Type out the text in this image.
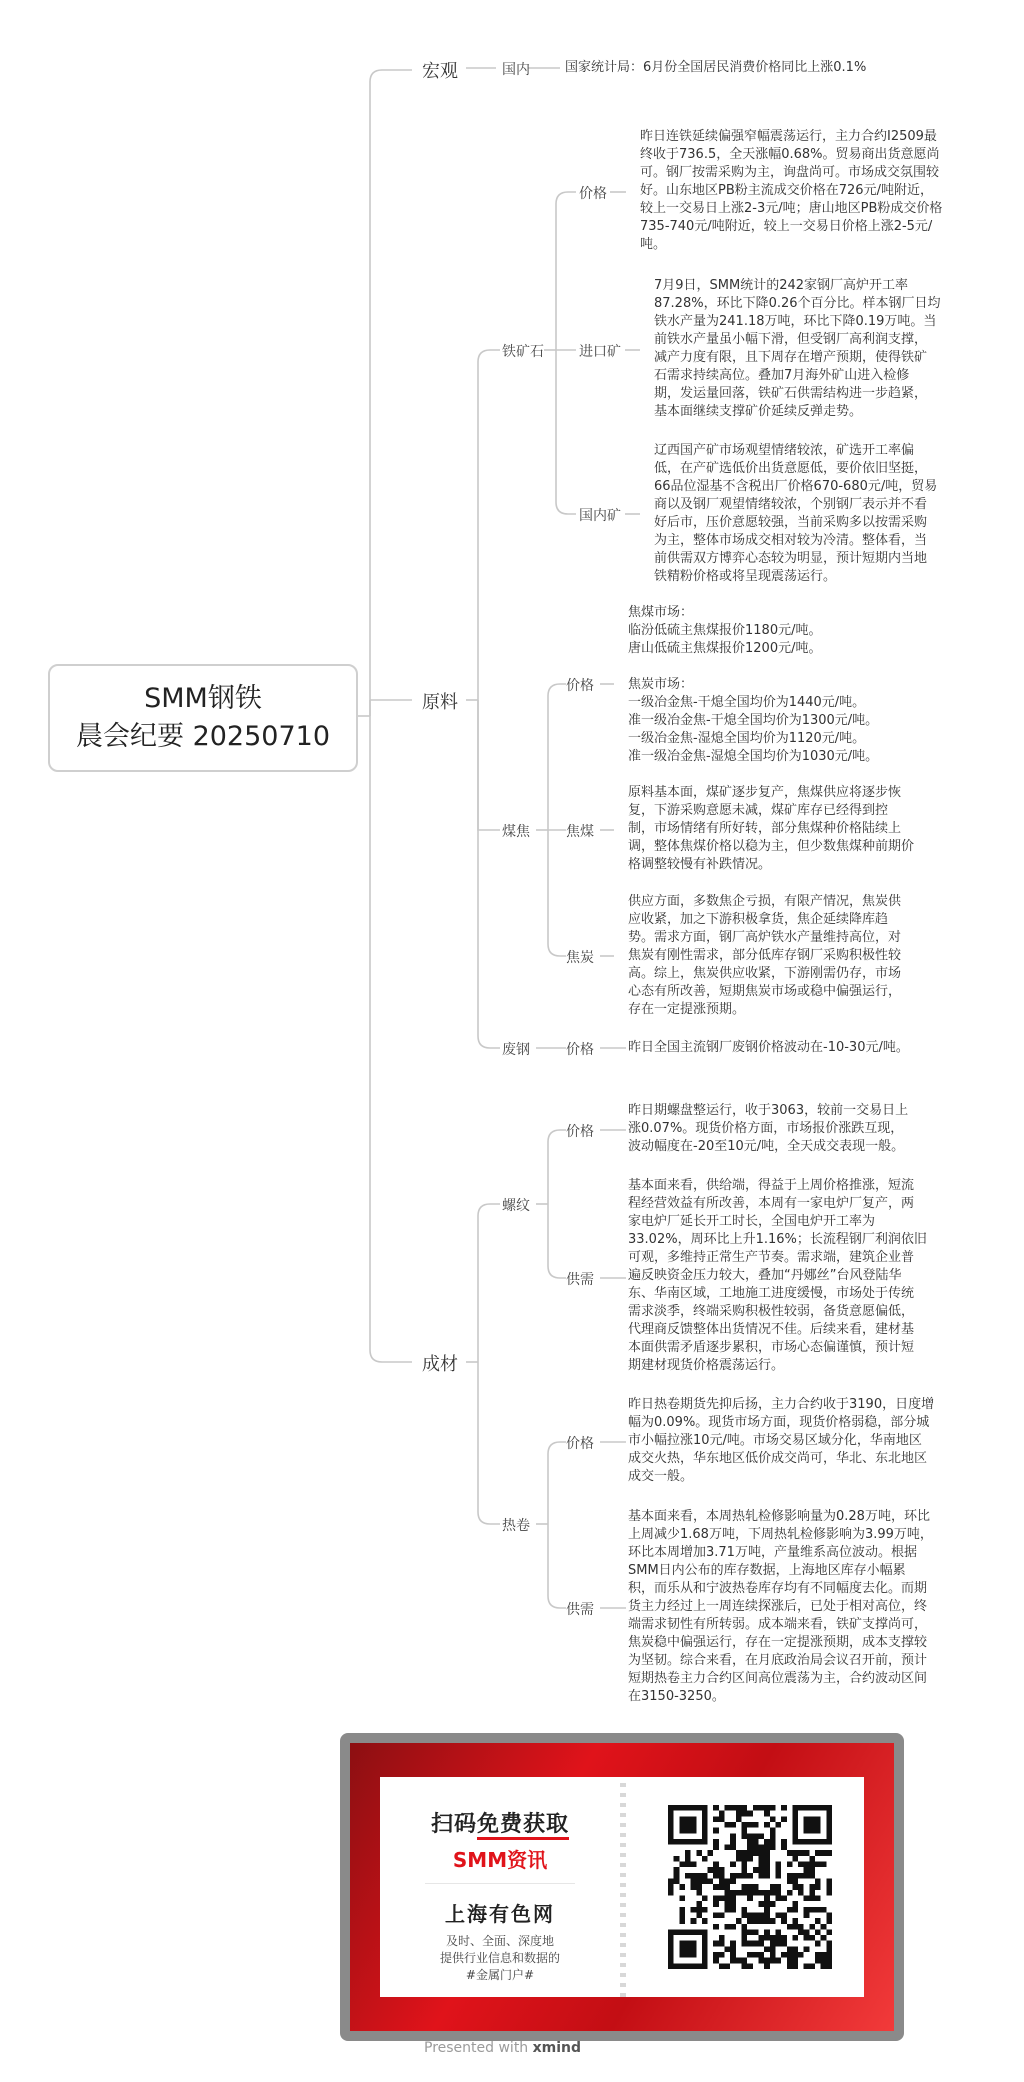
SMM钢铁
晨会纪要 20250710
宏观
原料
成材
国内	国家统计局：6月份全国居民消费价格同比上涨0.1%
铁矿石
价格
昨日连铁延续偏强窄幅震荡运行，主力合约I2509最
终收于736.5，全天涨幅0.68%。贸易商出货意愿尚
可。钢厂按需采购为主，询盘尚可。市场成交氛围较
好。山东地区PB粉主流成交价格在726元/吨附近，
较上一交易日上涨2-3元/吨；唐山地区PB粉成交价格
735-740元/吨附近，较上一交易日价格上涨2-5元/
吨。
进口矿
7月9日，SMM统计的242家钢厂高炉开工率
87.28%，环比下降0.26个百分比。样本钢厂日均
铁水产量为241.18万吨，环比下降0.19万吨。当
前铁水产量虽小幅下滑，但受钢厂高利润支撑，
减产力度有限，且下周存在增产预期，使得铁矿
石需求持续高位。叠加7月海外矿山进入检修
期，发运量回落，铁矿石供需结构进一步趋紧，
基本面继续支撑矿价延续反弹走势。
国内矿
辽西国产矿市场观望情绪较浓，矿选开工率偏
低，在产矿选低价出货意愿低，要价依旧坚挺，
66品位湿基不含税出厂价格670-680元/吨，贸易
商以及钢厂观望情绪较浓，个别钢厂表示并不看
好后市，压价意愿较强，当前采购多以按需采购
为主，整体市场成交相对较为冷清。整体看，当
前供需双方博弈心态较为明显，预计短期内当地
铁精粉价格或将呈现震荡运行。
煤焦
价格
焦煤市场：
临汾低硫主焦煤报价1180元/吨。
唐山低硫主焦煤报价1200元/吨。

焦炭市场：
一级冶金焦-干熄全国均价为1440元/吨。
准一级冶金焦-干熄全国均价为1300元/吨。
一级冶金焦-湿熄全国均价为1120元/吨。
准一级冶金焦-湿熄全国均价为1030元/吨。
焦煤
原料基本面，煤矿逐步复产，焦煤供应将逐步恢
复，下游采购意愿未减，煤矿库存已经得到控
制，市场情绪有所好转，部分焦煤种价格陆续上
调，整体焦煤价格以稳为主，但少数焦煤种前期价
格调整较慢有补跌情况。
焦炭
供应方面，多数焦企亏损，有限产情况，焦炭供
应收紧，加之下游积极拿货，焦企延续降库趋
势。需求方面，钢厂高炉铁水产量维持高位，对
焦炭有刚性需求，部分低库存钢厂采购积极性较
高。综上，焦炭供应收紧，下游刚需仍存，市场
心态有所改善，短期焦炭市场或稳中偏强运行，
存在一定提涨预期。
废钢	价格	昨日全国主流钢厂废钢价格波动在-10-30元/吨。
螺纹
价格
昨日期螺盘整运行，收于3063，较前一交易日上
涨0.07%。现货价格方面，市场报价涨跌互现，
波动幅度在-20至10元/吨，全天成交表现一般。
供需
基本面来看，供给端，得益于上周价格推涨，短流
程经营效益有所改善，本周有一家电炉厂复产，两
家电炉厂延长开工时长，全国电炉开工率为
33.02%，周环比上升1.16%；长流程钢厂利润依旧
可观，多维持正常生产节奏。需求端，建筑企业普
遍反映资金压力较大，叠加“丹娜丝”台风登陆华
东、华南区域，工地施工进度缓慢，市场处于传统
需求淡季，终端采购积极性较弱，备货意愿偏低，
代理商反馈整体出货情况不佳。后续来看，建材基
本面供需矛盾逐步累积，市场心态偏谨慎，预计短
期建材现货价格震荡运行。
热卷
价格
昨日热卷期货先抑后扬，主力合约收于3190，日度增
幅为0.09%。现货市场方面，现货价格弱稳，部分城
市小幅拉涨10元/吨。市场交易区域分化，华南地区
成交火热，华东地区低价成交尚可，华北、东北地区
成交一般。
供需
基本面来看，本周热轧检修影响量为0.28万吨，环比
上周减少1.68万吨，下周热轧检修影响为3.99万吨，
环比本周增加3.71万吨，产量维系高位波动。根据
SMM日内公布的库存数据，上海地区库存小幅累
积，而乐从和宁波热卷库存均有不同幅度去化。而期
货主力经过上一周连续探涨后，已处于相对高位，终
端需求韧性有所转弱。成本端来看，铁矿支撑尚可，
焦炭稳中偏强运行，存在一定提涨预期，成本支撑较
为坚韧。综合来看，在月底政治局会议召开前，预计
短期热卷主力合约区间高位震荡为主，合约波动区间
在3150-3250。
扫码免费获取
SMM资讯
上海有色网
及时、全面、深度地
提供行业信息和数据的
#金属门户#
Presented with xmind
